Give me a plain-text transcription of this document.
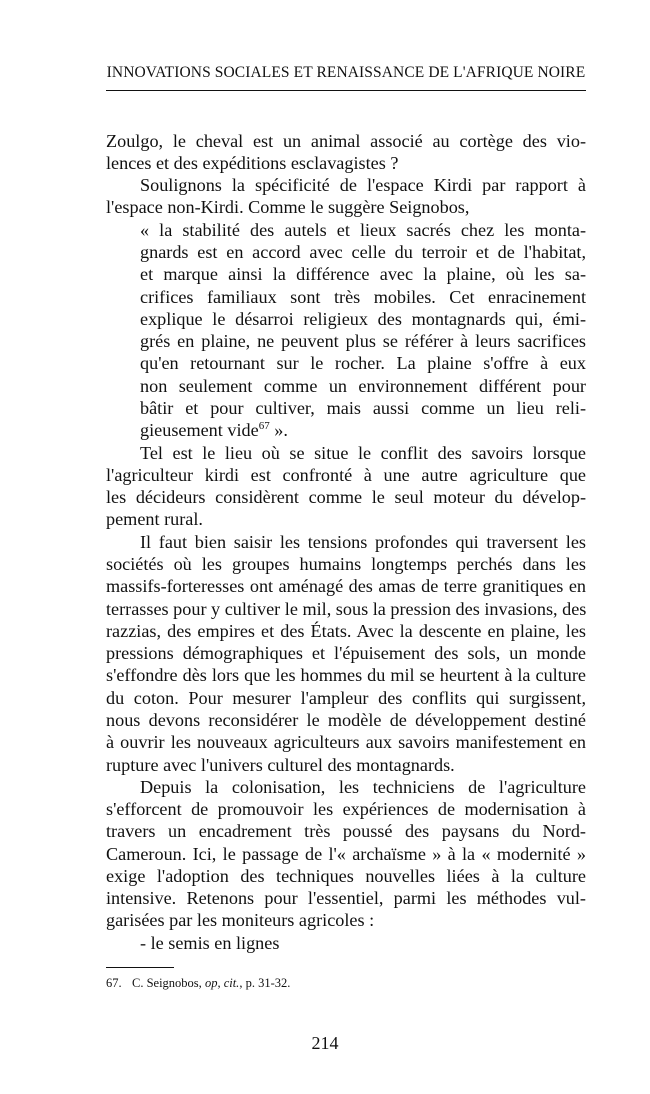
INNOVATIONS SOCIALES ET RENAISSANCE DE L'AFRIQUE NOIRE
Zoulgo, le cheval est un animal associé au cortège des vio-
lences et des expéditions esclavagistes ?
Soulignons la spécificité de l'espace Kirdi par rapport à
l'espace non-Kirdi. Comme le suggère Seignobos,
« la stabilité des autels et lieux sacrés chez les monta-
gnards est en accord avec celle du terroir et de l'habitat,
et marque ainsi la différence avec la plaine, où les sa-
crifices familiaux sont très mobiles. Cet enracinement
explique le désarroi religieux des montagnards qui, émi-
grés en plaine, ne peuvent plus se référer à leurs sacrifices
qu'en retournant sur le rocher. La plaine s'offre à eux
non seulement comme un environnement différent pour
bâtir et pour cultiver, mais aussi comme un lieu reli-
gieusement vide$^{67}$ ».
Tel est le lieu où se situe le conflit des savoirs lorsque
l'agriculteur kirdi est confronté à une autre agriculture que
les décideurs considèrent comme le seul moteur du dévelop-
pement rural.
Il faut bien saisir les tensions profondes qui traversent les
sociétés où les groupes humains longtemps perchés dans les
massifs-forteresses ont aménagé des amas de terre granitiques en
terrasses pour y cultiver le mil, sous la pression des invasions, des
razzias, des empires et des États. Avec la descente en plaine, les
pressions démographiques et l'épuisement des sols, un monde
s'effondre dès lors que les hommes du mil se heurtent à la culture
du coton. Pour mesurer l'ampleur des conflits qui surgissent,
nous devons reconsidérer le modèle de développement destiné
à ouvrir les nouveaux agriculteurs aux savoirs manifestement en
rupture avec l'univers culturel des montagnards.
Depuis la colonisation, les techniciens de l'agriculture
s'efforcent de promouvoir les expériences de modernisation à
travers un encadrement très poussé des paysans du Nord-
Cameroun. Ici, le passage de l'« archaïsme » à la « modernité »
exige l'adoption des techniques nouvelles liées à la culture
intensive. Retenons pour l'essentiel, parmi les méthodes vul-
garisées par les moniteurs agricoles :
- le semis en lignes
67. C. Seignobos, op, cit., p. 31-32.
214
